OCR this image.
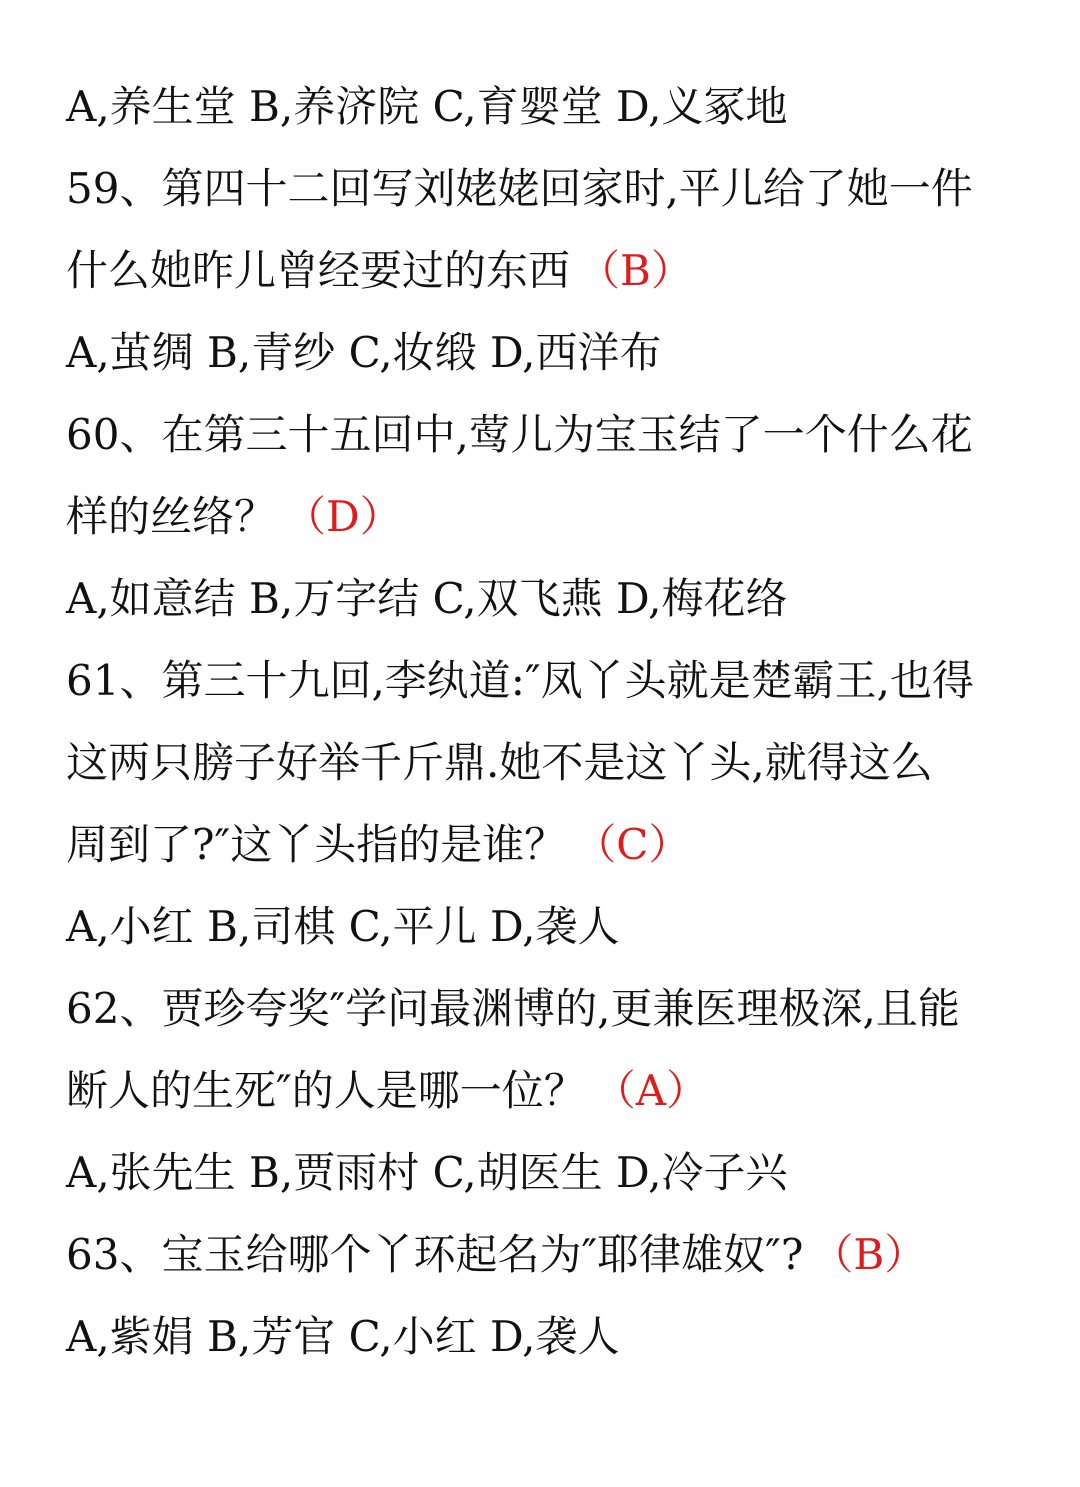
A,养生堂 B,养济院 C,育婴堂 D,义冢地
59、第四十二回写刘姥姥回家时,平儿给了她一件
什么她昨儿曾经要过的东西 （B）
A,茧绸 B,青纱 C,妆缎 D,西洋布
60、在第三十五回中,莺儿为宝玉结了一个什么花
样的丝络？ （D）
A,如意结 B,万字结 C,双飞燕 D,梅花络
61、第三十九回,李纨道:″凤丫头就是楚霸王,也得
这两只膀子好举千斤鼎.她不是这丫头,就得这么
周到了?″这丫头指的是谁？ （C）
A,小红 B,司棋 C,平儿 D,袭人
62、贾珍夸奖″学问最渊博的,更兼医理极深,且能
断人的生死″的人是哪一位？ （A）
A,张先生 B,贾雨村 C,胡医生 D,冷子兴
63、宝玉给哪个丫环起名为″耶律雄奴″? （B）
A,紫娟 B,芳官 C,小红 D,袭人
